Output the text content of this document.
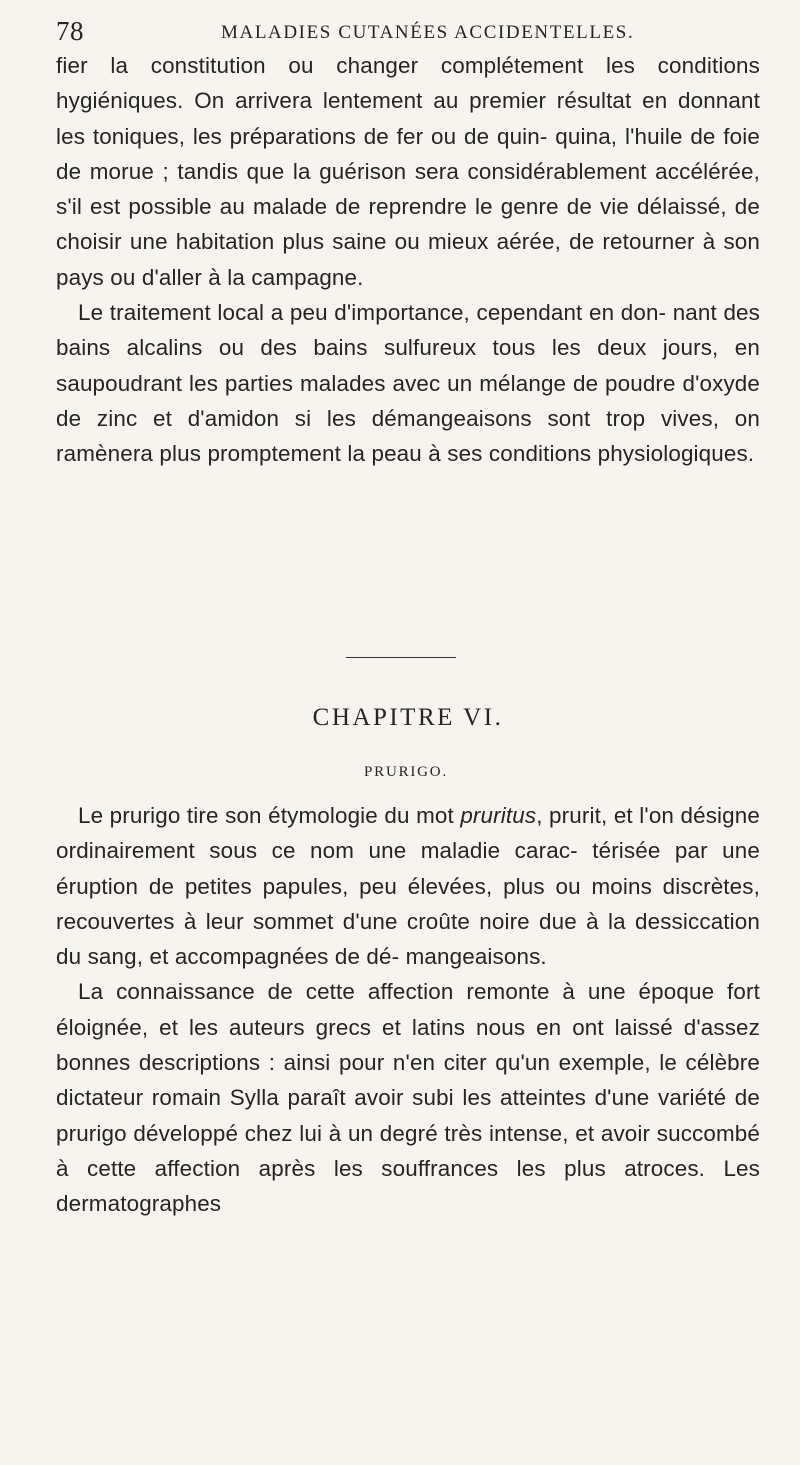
78	MALADIES CUTANÉES ACCIDENTELLES.

fier la constitution ou changer complétement les conditions hygiéniques. On arrivera lentement au premier résultat en donnant les toniques, les préparations de fer ou de quin- quina, l'huile de foie de morue ; tandis que la guérison sera considérablement accélérée, s'il est possible au malade de reprendre le genre de vie délaissé, de choisir une habitation plus saine ou mieux aérée, de retourner à son pays ou d'aller à la campagne.

Le traitement local a peu d'importance, cependant en don- nant des bains alcalins ou des bains sulfureux tous les deux jours, en saupoudrant les parties malades avec un mélange de poudre d'oxyde de zinc et d'amidon si les démangeaisons sont trop vives, on ramènera plus promptement la peau à ses conditions physiologiques.

CHAPITRE VI.
PRURIGO.

Le prurigo tire son étymologie du mot pruritus, prurit, et l'on désigne ordinairement sous ce nom une maladie carac- térisée par une éruption de petites papules, peu élevées, plus ou moins discrètes, recouvertes à leur sommet d'une croûte noire due à la dessiccation du sang, et accompagnées de dé- mangeaisons.

La connaissance de cette affection remonte à une époque fort éloignée, et les auteurs grecs et latins nous en ont laissé d'assez bonnes descriptions : ainsi pour n'en citer qu'un exemple, le célèbre dictateur romain Sylla paraît avoir subi les atteintes d'une variété de prurigo développé chez lui à un degré très intense, et avoir succombé à cette affection après les souffrances les plus atroces. Les dermatographes
